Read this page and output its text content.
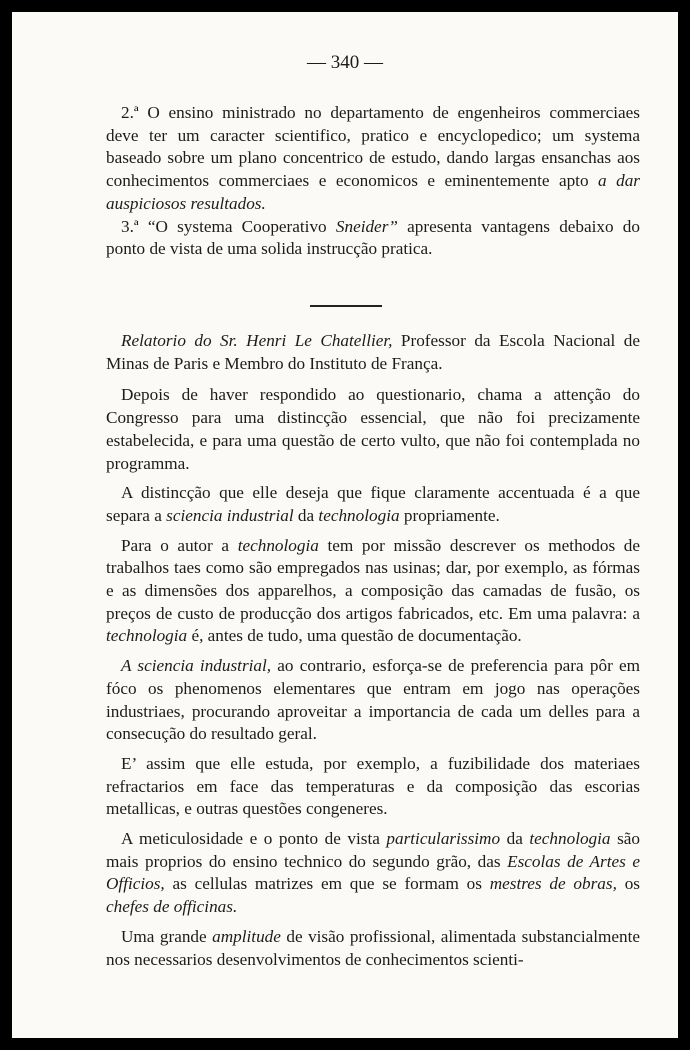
— 340 —

2.ª O ensino ministrado no departamento de engenheiros commerciaes deve ter um caracter scientifico, pratico e encyclopedico; um systema baseado sobre um plano concentrico de estudo, dando largas ensanchas aos conhecimentos commerciaes e economicos e eminentemente apto a dar auspiciosos resultados.

3.ª “O systema Cooperativo Sneider” apresenta vantagens debaixo do ponto de vista de uma solida instrucção pratica.

Relatorio do Sr. Henri Le Chatellier, Professor da Escola Nacional de Minas de Paris e Membro do Instituto de França.

Depois de haver respondido ao questionario, chama a attenção do Congresso para uma distincção essencial, que não foi precizamente estabelecida, e para uma questão de certo vulto, que não foi contemplada no programma.

A distincção que elle deseja que fique claramente accentuada é a que separa a sciencia industrial da technologia propriamente.

Para o autor a technologia tem por missão descrever os methodos de trabalhos taes como são empregados nas usinas; dar, por exemplo, as fórmas e as dimensões dos apparelhos, a composição das camadas de fusão, os preços de custo de producção dos artigos fabricados, etc. Em uma palavra: a technologia é, antes de tudo, uma questão de documentação.

A sciencia industrial, ao contrario, esforça-se de preferencia para pôr em fóco os phenomenos elementares que entram em jogo nas operações industriaes, procurando aproveitar a importancia de cada um delles para a consecução do resultado geral.

E’ assim que elle estuda, por exemplo, a fuzibilidade dos materiaes refractarios em face das temperaturas e da composição das escorias metallicas, e outras questões congeneres.

A meticulosidade e o ponto de vista particularissimo da technologia são mais proprios do ensino technico do segundo grão, das Escolas de Artes e Officios, as cellulas matrizes em que se formam os mestres de obras, os chefes de officinas.

Uma grande amplitude de visão profissional, alimentada substancialmente nos necessarios desenvolvimentos de conhecimentos scienti-
